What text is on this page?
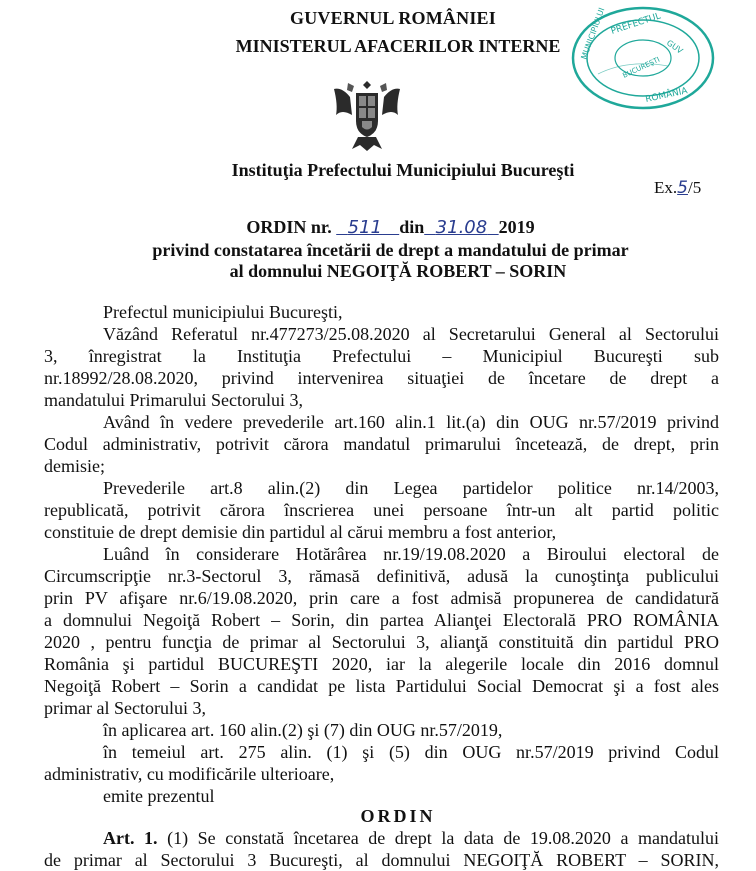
GUVERNUL ROMÂNIEI
MINISTERUL AFACERILOR INTERNE
PREFECTUL
MUNICIPIULUI
ROMÂNIA
GUV
BUCUREŞTI
Instituţia Prefectului Municipiului Bucureşti
Ex.5/5
ORDIN nr. 511 din 31.08 2019
privind constatarea încetării de drept a mandatului de primar
al domnului NEGOIŢĂ ROBERT – SORIN
Prefectul municipiului Bucureşti,
Văzând Referatul nr.477273/25.08.2020 al Secretarului General al Sectorului
3, înregistrat la Instituţia Prefectului – Municipiul Bucureşti sub
nr.18992/28.08.2020, privind intervenirea situaţiei de încetare de drept a
mandatului Primarului Sectorului 3,
Având în vedere prevederile art.160 alin.1 lit.(a) din OUG nr.57/2019 privind
Codul administrativ, potrivit cărora mandatul primarului încetează, de drept, prin
demisie;
Prevederile art.8 alin.(2) din Legea partidelor politice nr.14/2003,
republicată, potrivit cărora înscrierea unei persoane într-un alt partid politic
constituie de drept demisie din partidul al cărui membru a fost anterior,
Luând în considerare Hotărârea nr.19/19.08.2020 a Biroului electoral de
Circumscripţie nr.3-Sectorul 3, rămasă definitivă, adusă la cunoştinţa publicului
prin PV afişare nr.6/19.08.2020, prin care a fost admisă propunerea de candidatură
a domnului Negoiţă Robert – Sorin, din partea Alianţei Electorală PRO ROMÂNIA
2020 , pentru funcţia de primar al Sectorului 3, alianţă constituită din partidul PRO
România şi partidul BUCUREŞTI 2020, iar la alegerile locale din 2016 domnul
Negoiţă Robert – Sorin a candidat pe lista Partidului Social Democrat şi a fost ales
primar al Sectorului 3,
în aplicarea art. 160 alin.(2) şi (7) din OUG nr.57/2019,
în temeiul art. 275 alin. (1) şi (5) din OUG nr.57/2019 privind Codul
administrativ, cu modificările ulterioare,
emite prezentul
ORDIN
Art. 1. (1) Se constată încetarea de drept la data de 19.08.2020 a mandatului
de primar al Sectorului 3 Bucureşti, al domnului NEGOIŢĂ ROBERT – SORIN,
